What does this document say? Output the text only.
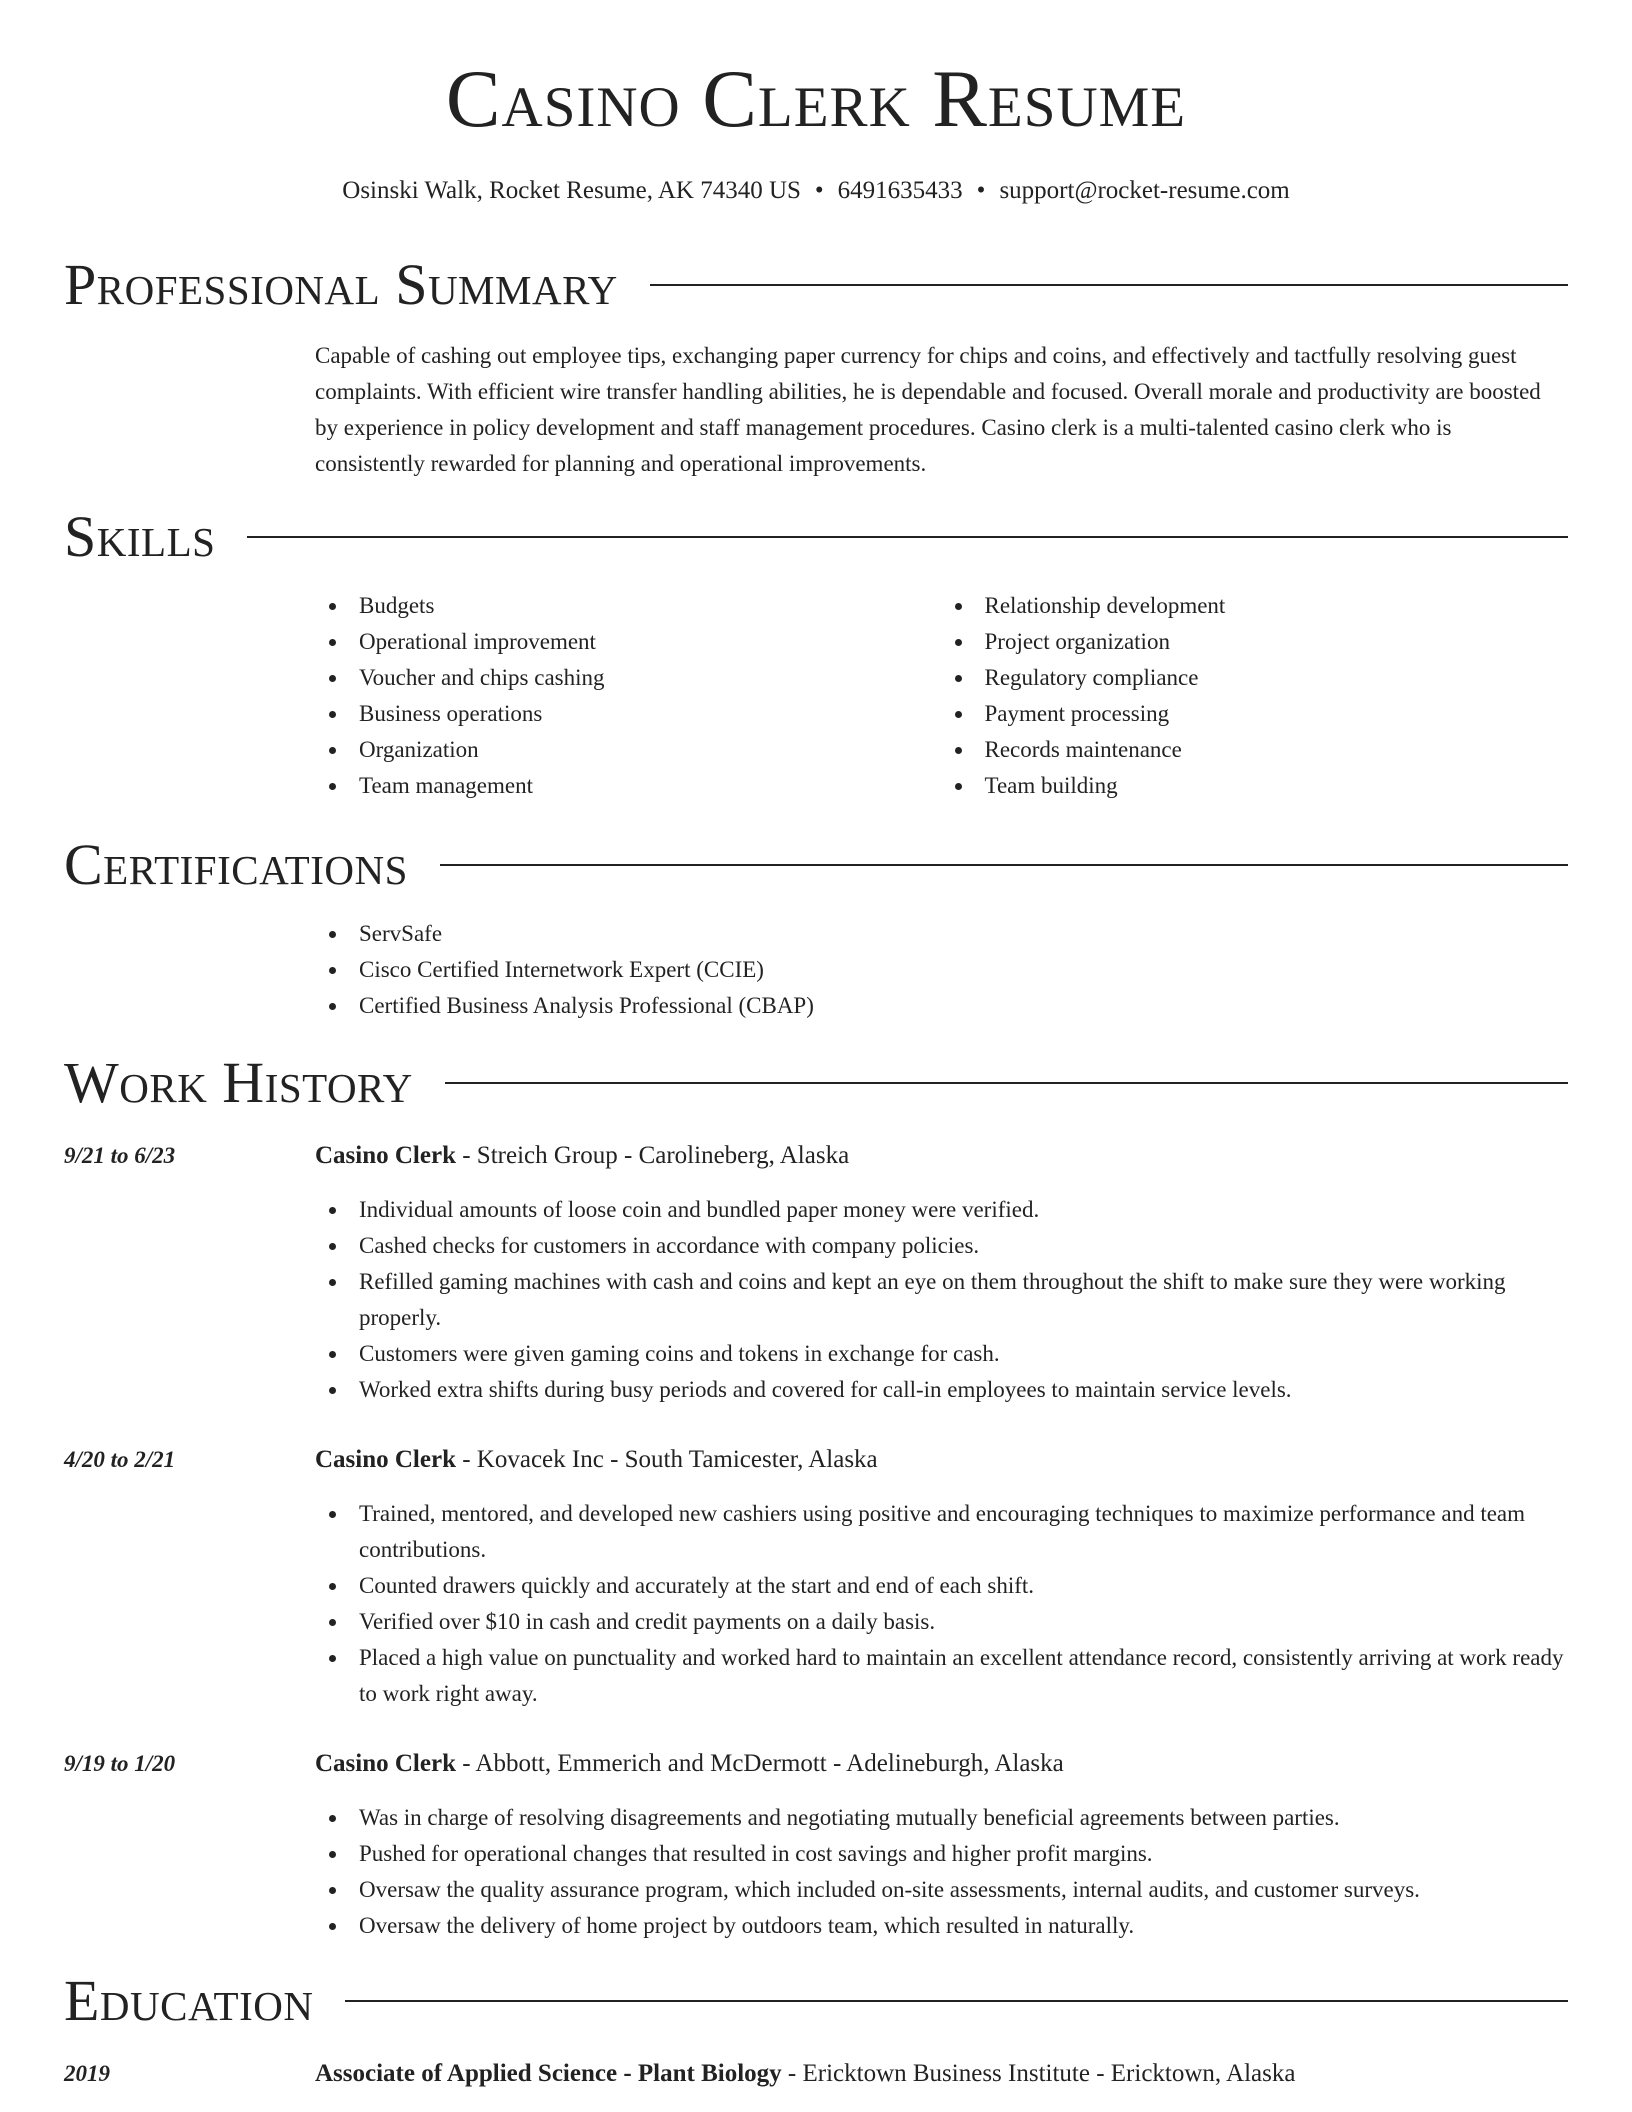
Casino Clerk Resume
Osinski Walk, Rocket Resume, AK 74340 US • 6491635433 • support@rocket-resume.com
Professional Summary

Capable of cashing out employee tips, exchanging paper currency for chips and coins, and effectively and tactfully resolving guest complaints. With efficient wire transfer handling abilities, he is dependable and focused. Overall morale and productivity are boosted by experience in policy development and staff management procedures. Casino clerk is a multi-talented casino clerk who is consistently rewarded for planning and operational improvements.

Skills
Budgets
Operational improvement
Voucher and chips cashing
Business operations
Organization
Team management
Relationship development
Project organization
Regulatory compliance
Payment processing
Records maintenance
Team building
Certifications
ServSafe
Cisco Certified Internetwork Expert (CCIE)
Certified Business Analysis Professional (CBAP)
Work History
9/21 to 6/23	Casino Clerk - Streich Group - Carolineberg, Alaska
Individual amounts of loose coin and bundled paper money were verified.
Cashed checks for customers in accordance with company policies.
Refilled gaming machines with cash and coins and kept an eye on them throughout the shift to make sure they were working properly.
Customers were given gaming coins and tokens in exchange for cash.
Worked extra shifts during busy periods and covered for call-in employees to maintain service levels.
4/20 to 2/21	Casino Clerk - Kovacek Inc - South Tamicester, Alaska
Trained, mentored, and developed new cashiers using positive and encouraging techniques to maximize performance and team contributions.
Counted drawers quickly and accurately at the start and end of each shift.
Verified over $10 in cash and credit payments on a daily basis.
Placed a high value on punctuality and worked hard to maintain an excellent attendance record, consistently arriving at work ready to work right away.
9/19 to 1/20	Casino Clerk - Abbott, Emmerich and McDermott - Adelineburgh, Alaska
Was in charge of resolving disagreements and negotiating mutually beneficial agreements between parties.
Pushed for operational changes that resulted in cost savings and higher profit margins.
Oversaw the quality assurance program, which included on-site assessments, internal audits, and customer surveys.
Oversaw the delivery of home project by outdoors team, which resulted in naturally.
Education
2019	Associate of Applied Science - Plant Biology - Ericktown Business Institute - Ericktown, Alaska
